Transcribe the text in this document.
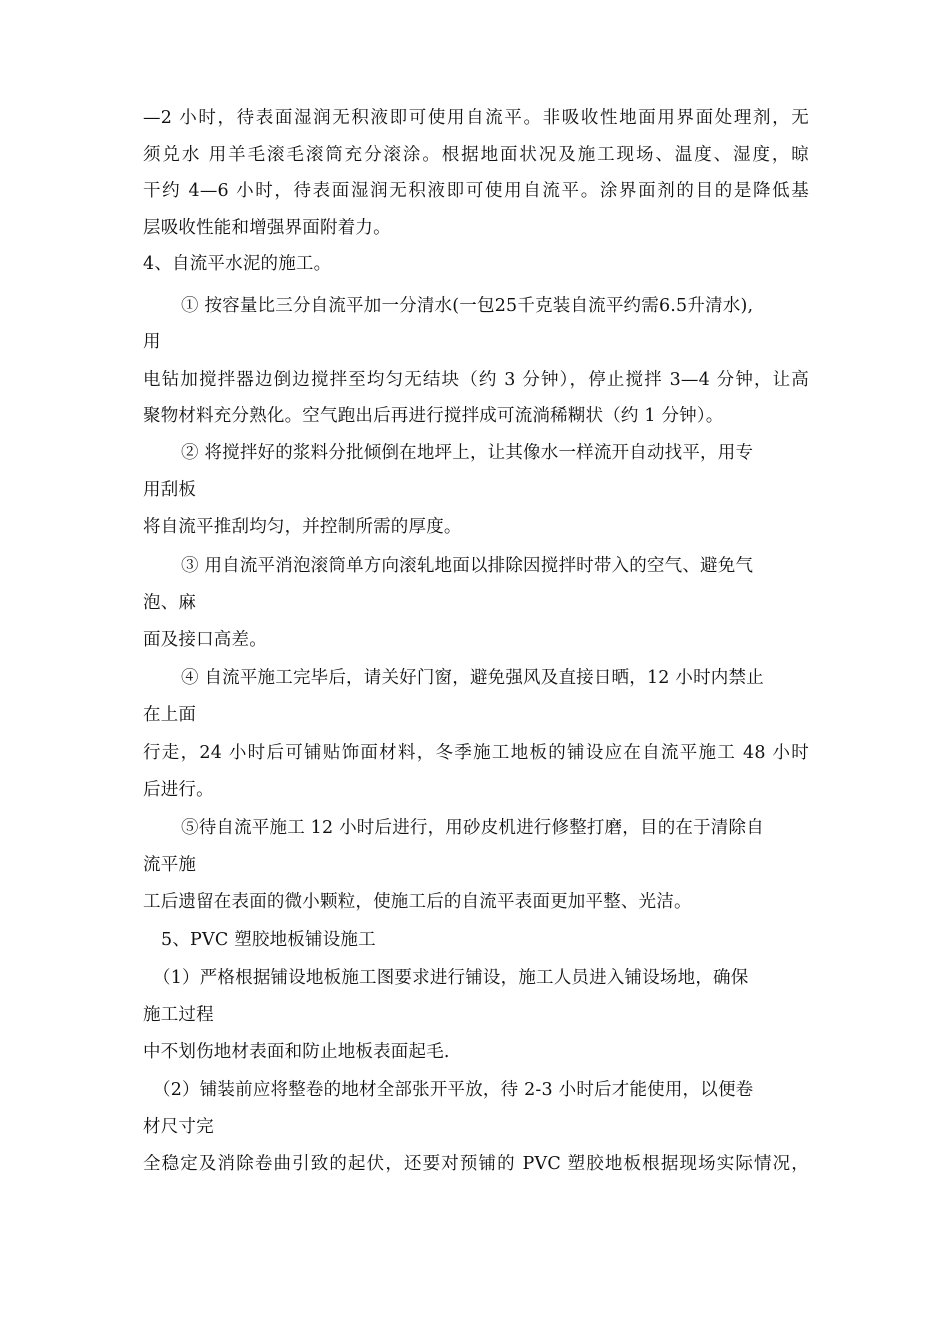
—2 小时，待表面湿润无积液即可使用自流平。非吸收性地面用界面处理剂，无
须兑水 用羊毛滚毛滚筒充分滚涂。根据地面状况及施工现场、温度、湿度，晾
干约 4—6 小时，待表面湿润无积液即可使用自流平。涂界面剂的目的是降低基
层吸收性能和增强界面附着力。
4、自流平水泥的施工。
① 按容量比三分自流平加一分清水(一包25千克装自流平约需6.5升清水),
用
电钻加搅拌器边倒边搅拌至均匀无结块（约 3 分钟），停止搅拌 3—4 分钟，让高
聚物材料充分熟化。空气跑出后再进行搅拌成可流淌稀糊状（约 1 分钟）。
② 将搅拌好的浆料分批倾倒在地坪上，让其像水一样流开自动找平，用专
用刮板
将自流平推刮均匀，并控制所需的厚度。
③ 用自流平消泡滚筒单方向滚轧地面以排除因搅拌时带入的空气、避免气
泡、麻
面及接口高差。
④ 自流平施工完毕后，请关好门窗，避免强风及直接日晒，12 小时内禁止
在上面
行走，24 小时后可铺贴饰面材料，冬季施工地板的铺设应在自流平施工 48 小时
后进行。
⑤待自流平施工 12 小时后进行，用砂皮机进行修整打磨，目的在于清除自
流平施
工后遗留在表面的微小颗粒，使施工后的自流平表面更加平整、光洁。
5、PVC 塑胶地板铺设施工
（1）严格根据铺设地板施工图要求进行铺设，施工人员进入铺设场地，确保
施工过程
中不划伤地材表面和防止地板表面起毛.
（2）铺装前应将整卷的地材全部张开平放，待 2-3 小时后才能使用，以便卷
材尺寸完
全稳定及消除卷曲引致的起伏，还要对预铺的 PVC 塑胶地板根据现场实际情况，
